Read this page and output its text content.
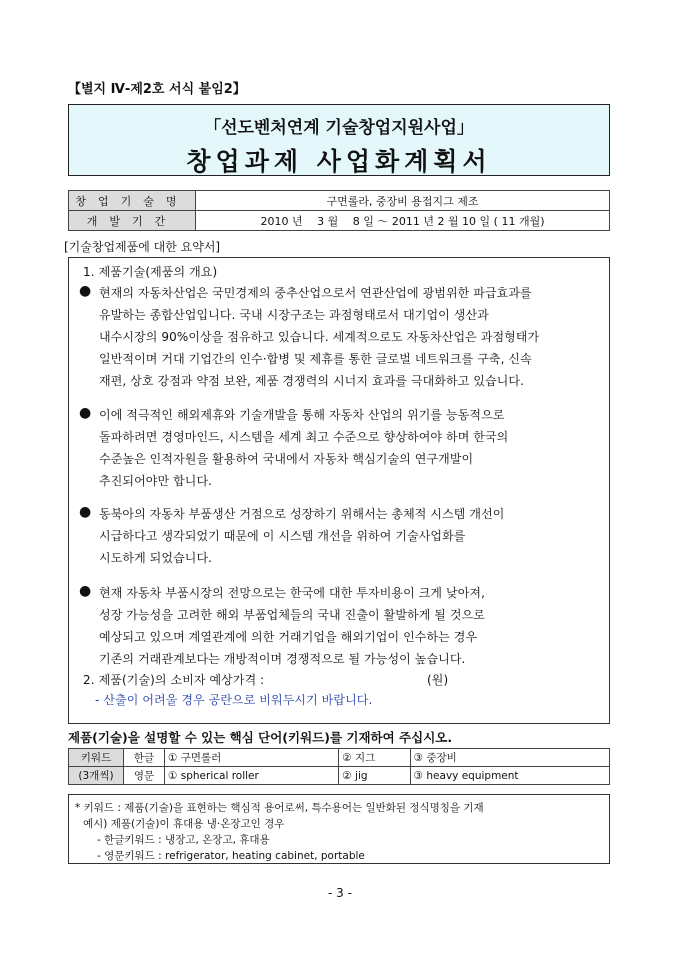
【별지 Ⅳ-제2호 서식 붙임2】
「선도벤처연계 기술창업지원사업」
창업과제 사업화계획서
창업기술명	구면롤라, 중장비 용접지그 제조
개발기간	2010 년 　3 월 　8 일 ～ 2011 년 2 월 10 일 ( 11 개월)
[기술창업제품에 대한 요약서]
1. 제품기술(제품의 개요)
● 현재의 자동차산업은 국민경제의 중추산업으로서 연관산업에 광범위한 파급효과를
유발하는 종합산업입니다. 국내 시장구조는 과점형태로서 대기업이 생산과
내수시장의 90%이상을 점유하고 있습니다. 세계적으로도 자동차산업은 과점형태가
일반적이며 거대 기업간의 인수·합병 및 제휴를 통한 글로벌 네트워크를 구축, 신속
재편, 상호 강점과 약점 보완, 제품 경쟁력의 시너지 효과를 극대화하고 있습니다.
● 이에 적극적인 해외제휴와 기술개발을 통해 자동차 산업의 위기를 능동적으로
돌파하려면 경영마인드, 시스템을 세계 최고 수준으로 향상하여야 하며 한국의
수준높은 인적자원을 활용하여 국내에서 자동차 핵심기술의 연구개발이
추진되어야만 합니다.
● 동북아의 자동차 부품생산 거점으로 성장하기 위해서는 총체적 시스템 개선이
시급하다고 생각되었기 때문에 이 시스템 개선을 위하여 기술사업화를
시도하게 되었습니다.
● 현재 자동차 부품시장의 전망으로는 한국에 대한 투자비용이 크게 낮아져,
성장 가능성을 고려한 해외 부품업체들의 국내 진출이 활발하게 될 것으로
예상되고 있으며 계열관계에 의한 거래기업을 해외기업이 인수하는 경우
기존의 거래관계보다는 개방적이며 경쟁적으로 될 가능성이 높습니다.
2. 제품(기술)의 소비자 예상가격 :	(원)
- 산출이 어려울 경우 공란으로 비워두시기 바랍니다.
제품(기술)을 설명할 수 있는 핵심 단어(키워드)를 기재하여 주십시오.
키워드	한글	① 구면롤러	② 지그	③ 중장비
(3개씩)	영문	① spherical roller	② jig	③ heavy equipment
* 키워드 : 제품(기술)을 표현하는 핵심적 용어로써, 특수용어는 일반화된 정식명칭을 기재
예시) 제품(기술)이 휴대용 냉·온장고인 경우
- 한글키워드 : 냉장고, 온장고, 휴대용
- 영문키워드 : refrigerator, heating cabinet, portable
- 3 -
